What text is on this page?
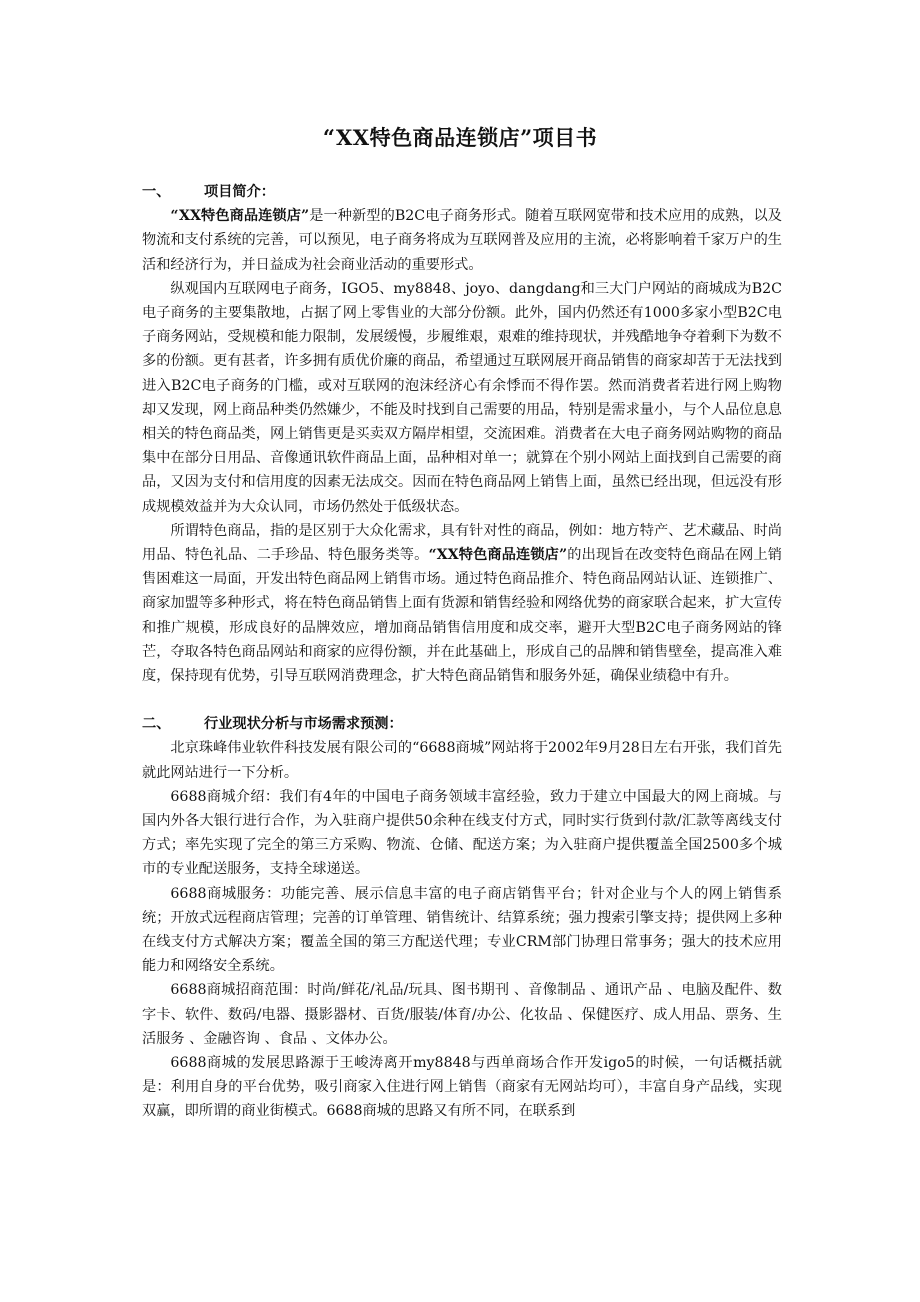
“XX特色商品连锁店”项目书
一、	项目简介：

“XX特色商品连锁店”是一种新型的B2C电子商务形式。随着互联网宽带和技术应用的成熟，以及物流和支付系统的完善，可以预见，电子商务将成为互联网普及应用的主流，必将影响着千家万户的生活和经济行为，并日益成为社会商业活动的重要形式。

纵观国内互联网电子商务，IGO5、my8848、joyo、dangdang和三大门户网站的商城成为B2C电子商务的主要集散地，占据了网上零售业的大部分份额。此外，国内仍然还有1000多家小型B2C电子商务网站，受规模和能力限制，发展缓慢，步履维艰，艰难的维持现状，并残酷地争夺着剩下为数不多的份额。更有甚者，许多拥有质优价廉的商品，希望通过互联网展开商品销售的商家却苦于无法找到进入B2C电子商务的门槛，或对互联网的泡沫经济心有余悸而不得作罢。然而消费者若进行网上购物却又发现，网上商品种类仍然嫌少，不能及时找到自己需要的用品，特别是需求量小，与个人品位息息相关的特色商品类，网上销售更是买卖双方隔岸相望，交流困难。消费者在大电子商务网站购物的商品集中在部分日用品、音像通讯软件商品上面，品种相对单一；就算在个别小网站上面找到自己需要的商品，又因为支付和信用度的因素无法成交。因而在特色商品网上销售上面，虽然已经出现，但远没有形成规模效益并为大众认同，市场仍然处于低级状态。

所谓特色商品，指的是区别于大众化需求，具有针对性的商品，例如：地方特产、艺术藏品、时尚用品、特色礼品、二手珍品、特色服务类等。“XX特色商品连锁店”的出现旨在改变特色商品在网上销售困难这一局面，开发出特色商品网上销售市场。通过特色商品推介、特色商品网站认证、连锁推广、商家加盟等多种形式，将在特色商品销售上面有货源和销售经验和网络优势的商家联合起来，扩大宣传和推广规模，形成良好的品牌效应，增加商品销售信用度和成交率，避开大型B2C电子商务网站的锋芒，夺取各特色商品网站和商家的应得份额，并在此基础上，形成自己的品牌和销售壁垒，提高准入难度，保持现有优势，引导互联网消费理念，扩大特色商品销售和服务外延，确保业绩稳中有升。

二、	行业现状分析与市场需求预测：

北京珠峰伟业软件科技发展有限公司的“6688商城”网站将于2002年9月28日左右开张，我们首先就此网站进行一下分析。

6688商城介绍：我们有4年的中国电子商务领域丰富经验，致力于建立中国最大的网上商城。与国内外各大银行进行合作，为入驻商户提供50余种在线支付方式，同时实行货到付款/汇款等离线支付方式；率先实现了完全的第三方采购、物流、仓储、配送方案；为入驻商户提供覆盖全国2500多个城市的专业配送服务，支持全球递送。

6688商城服务：功能完善、展示信息丰富的电子商店销售平台；针对企业与个人的网上销售系统；开放式远程商店管理；完善的订单管理、销售统计、结算系统；强力搜索引擎支持；提供网上多种在线支付方式解决方案；覆盖全国的第三方配送代理；专业CRM部门协理日常事务；强大的技术应用能力和网络安全系统。

6688商城招商范围：时尚/鲜花/礼品/玩具、图书期刊 、音像制品 、通讯产品 、电脑及配件、数字卡、软件、数码/电器、摄影器材、百货/服装/体育/办公、化妆品 、保健医疗、成人用品、票务、生活服务 、金融咨询 、食品 、文体办公。

6688商城的发展思路源于王峻涛离开my8848与西单商场合作开发igo5的时候，一句话概括就是：利用自身的平台优势，吸引商家入住进行网上销售（商家有无网站均可），丰富自身产品线，实现双赢，即所谓的商业街模式。6688商城的思路又有所不同，在联系到
